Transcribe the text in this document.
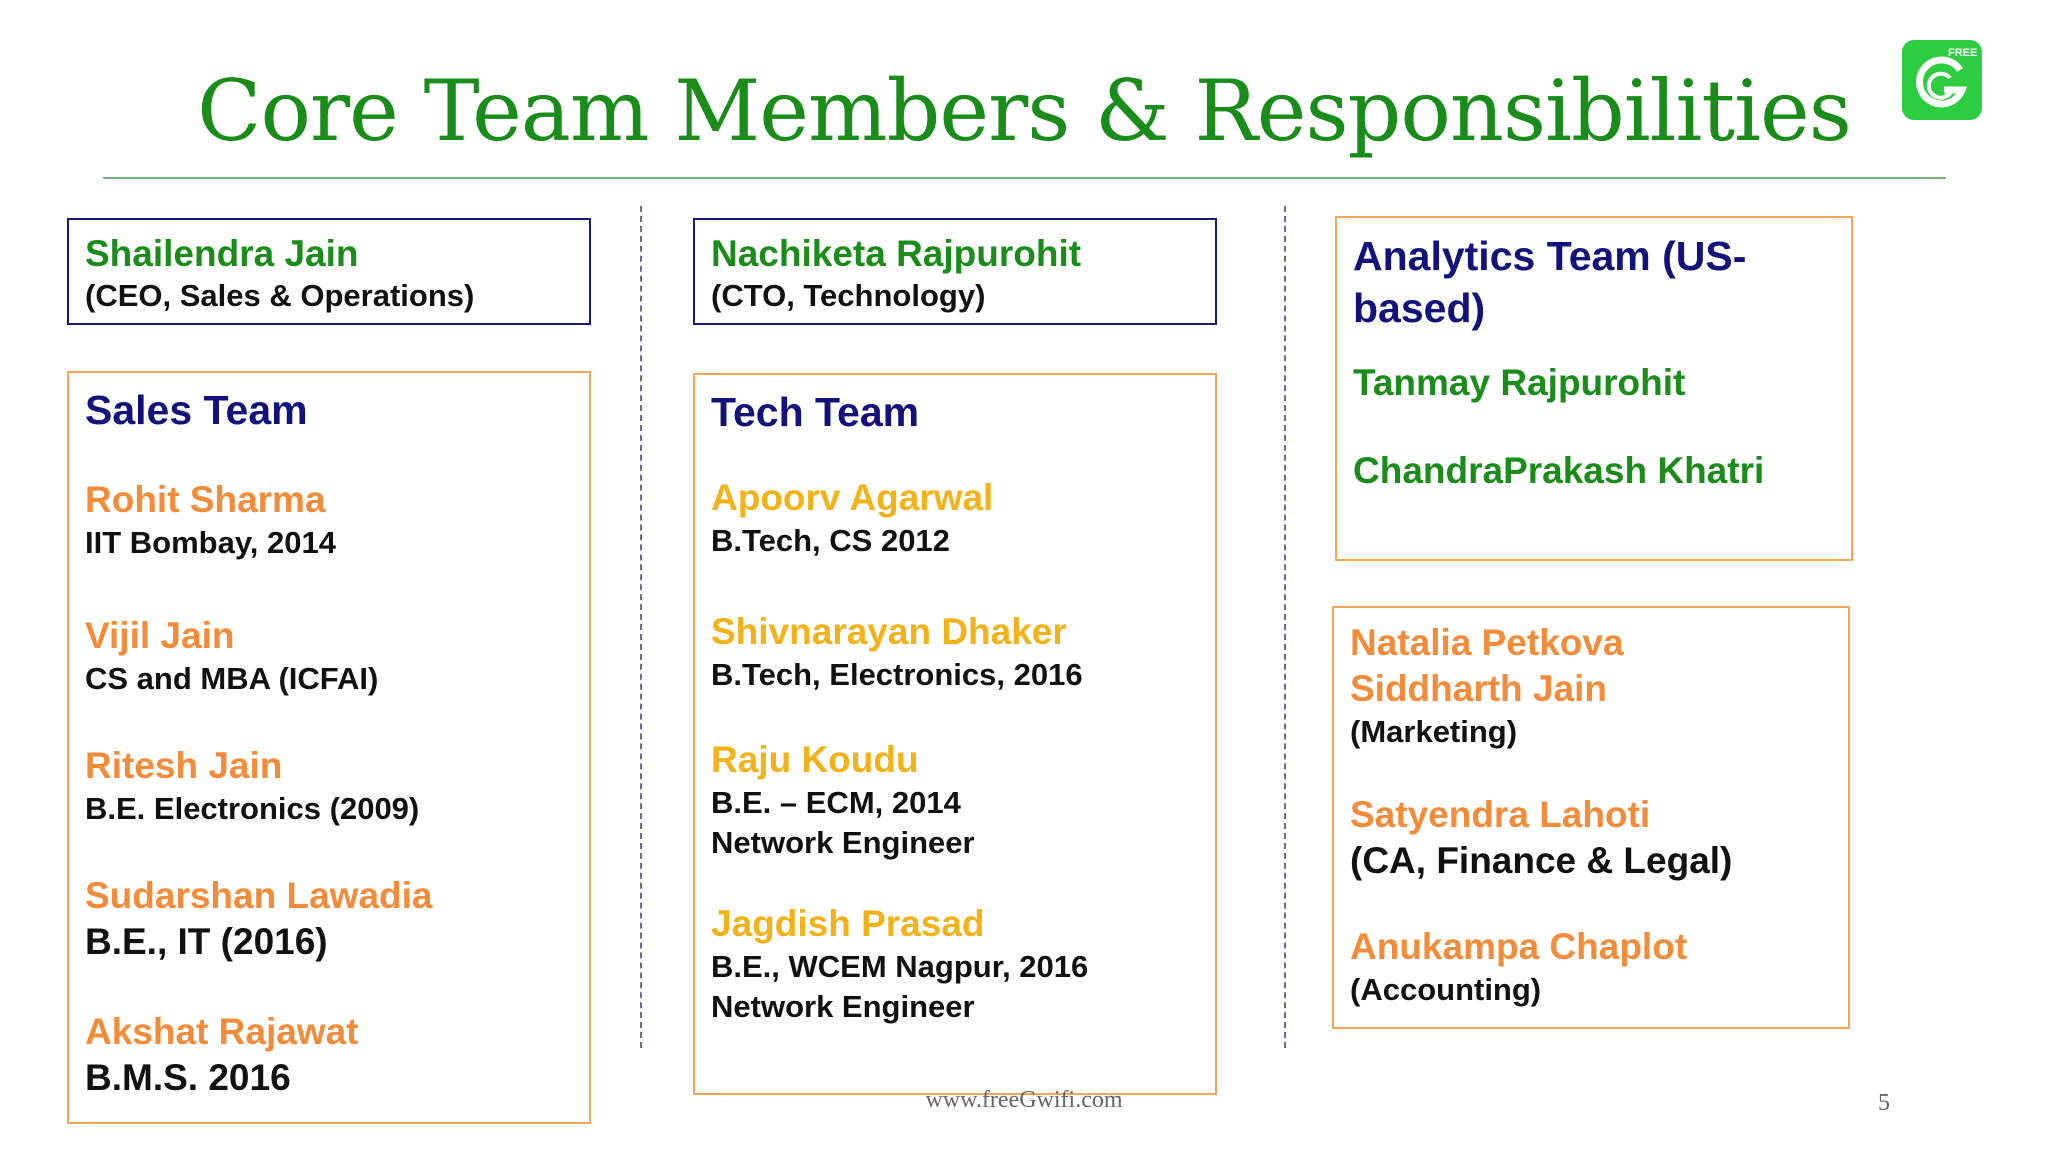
Core Team Members & Responsibilities
FREE
Shailendra Jain
(CEO, Sales & Operations)
Nachiketa Rajpurohit
(CTO, Technology)
Sales Team
Rohit Sharma
IIT Bombay, 2014
Vijil Jain
CS and MBA (ICFAI)
Ritesh Jain
B.E. Electronics (2009)
Sudarshan Lawadia
B.E., IT (2016)
Akshat Rajawat
B.M.S. 2016
Tech Team
Apoorv Agarwal
B.Tech, CS 2012
Shivnarayan Dhaker
B.Tech, Electronics, 2016
Raju Koudu
B.E. – ECM, 2014
Network Engineer
Jagdish Prasad
B.E., WCEM Nagpur, 2016
Network Engineer
Analytics Team (US-
based)
Tanmay Rajpurohit
ChandraPrakash Khatri
Natalia Petkova
Siddharth Jain
(Marketing)
Satyendra Lahoti
(CA, Finance & Legal)
Anukampa Chaplot
(Accounting)
www.freeGwifi.com	5
